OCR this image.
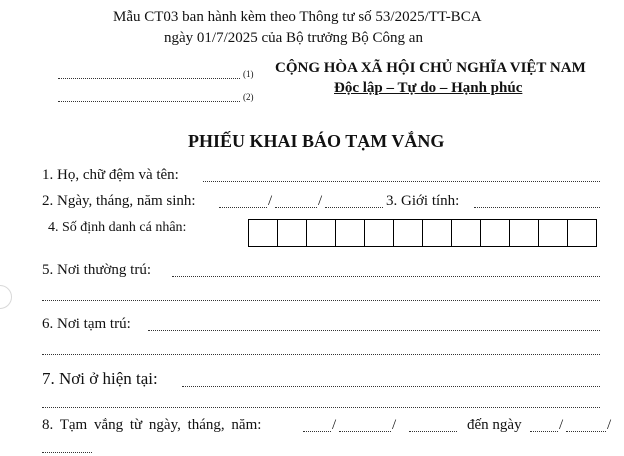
Mẫu CT03 ban hành kèm theo Thông tư số 53/2025/TT-BCA
ngày 01/7/2025 của Bộ trưởng Bộ Công an
(1)
(2)
CỘNG HÒA XÃ HỘI CHỦ NGHĨA VIỆT NAM
Độc lập – Tự do – Hạnh phúc
PHIẾU KHAI BÁO TẠM VẮNG
1. Họ, chữ đệm và tên:
2. Ngày, tháng, năm sinh:	/	/	3. Giới tính:
4. Số định danh cá nhân:
5. Nơi thường trú:
6. Nơi tạm trú:
7. Nơi ở hiện tại:
8. Tạm vắng từ ngày, tháng, năm:	/	/	đến ngày /	/
